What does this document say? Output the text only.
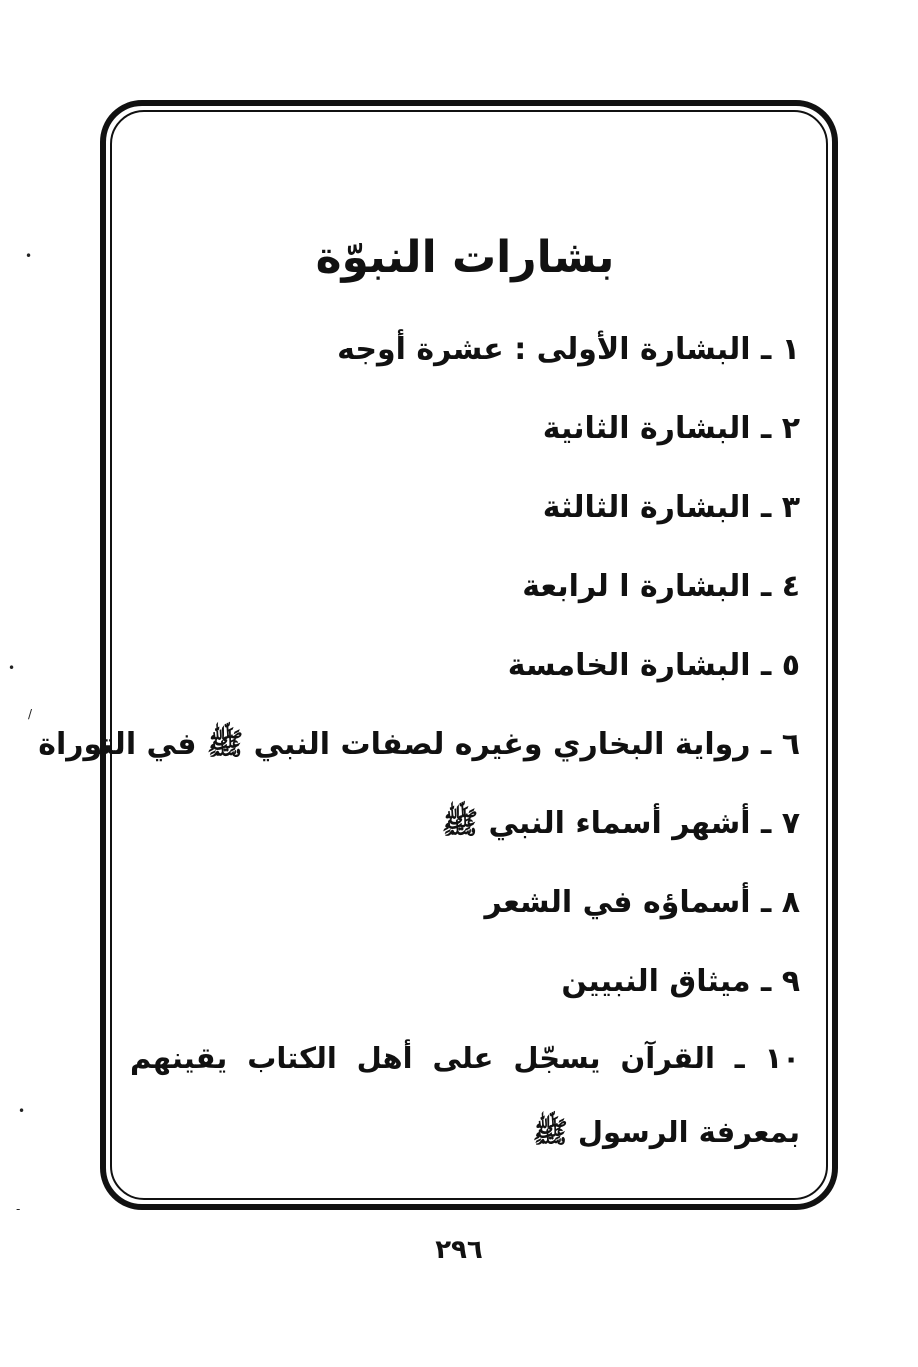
•
•
/
•
-
بشارات النبوّة
١ ـ البشارة الأولى : عشرة أوجه
٢ ـ البشارة الثانية
٣ ـ البشارة الثالثة
٤ ـ البشارة ا لرابعة
٥ ـ البشارة الخامسة
٦ ـ رواية البخاري وغيره لصفات النبي ﷺ في التوراة
٧ ـ أشهر أسماء النبي ﷺ
٨ ـ أسماؤه في الشعر
٩ ـ ميثاق النبيين
١٠ ـ القرآن يسجّل على أهل الكتاب يقينهم بمعرفة الرسول ﷺ
٢٩٦
